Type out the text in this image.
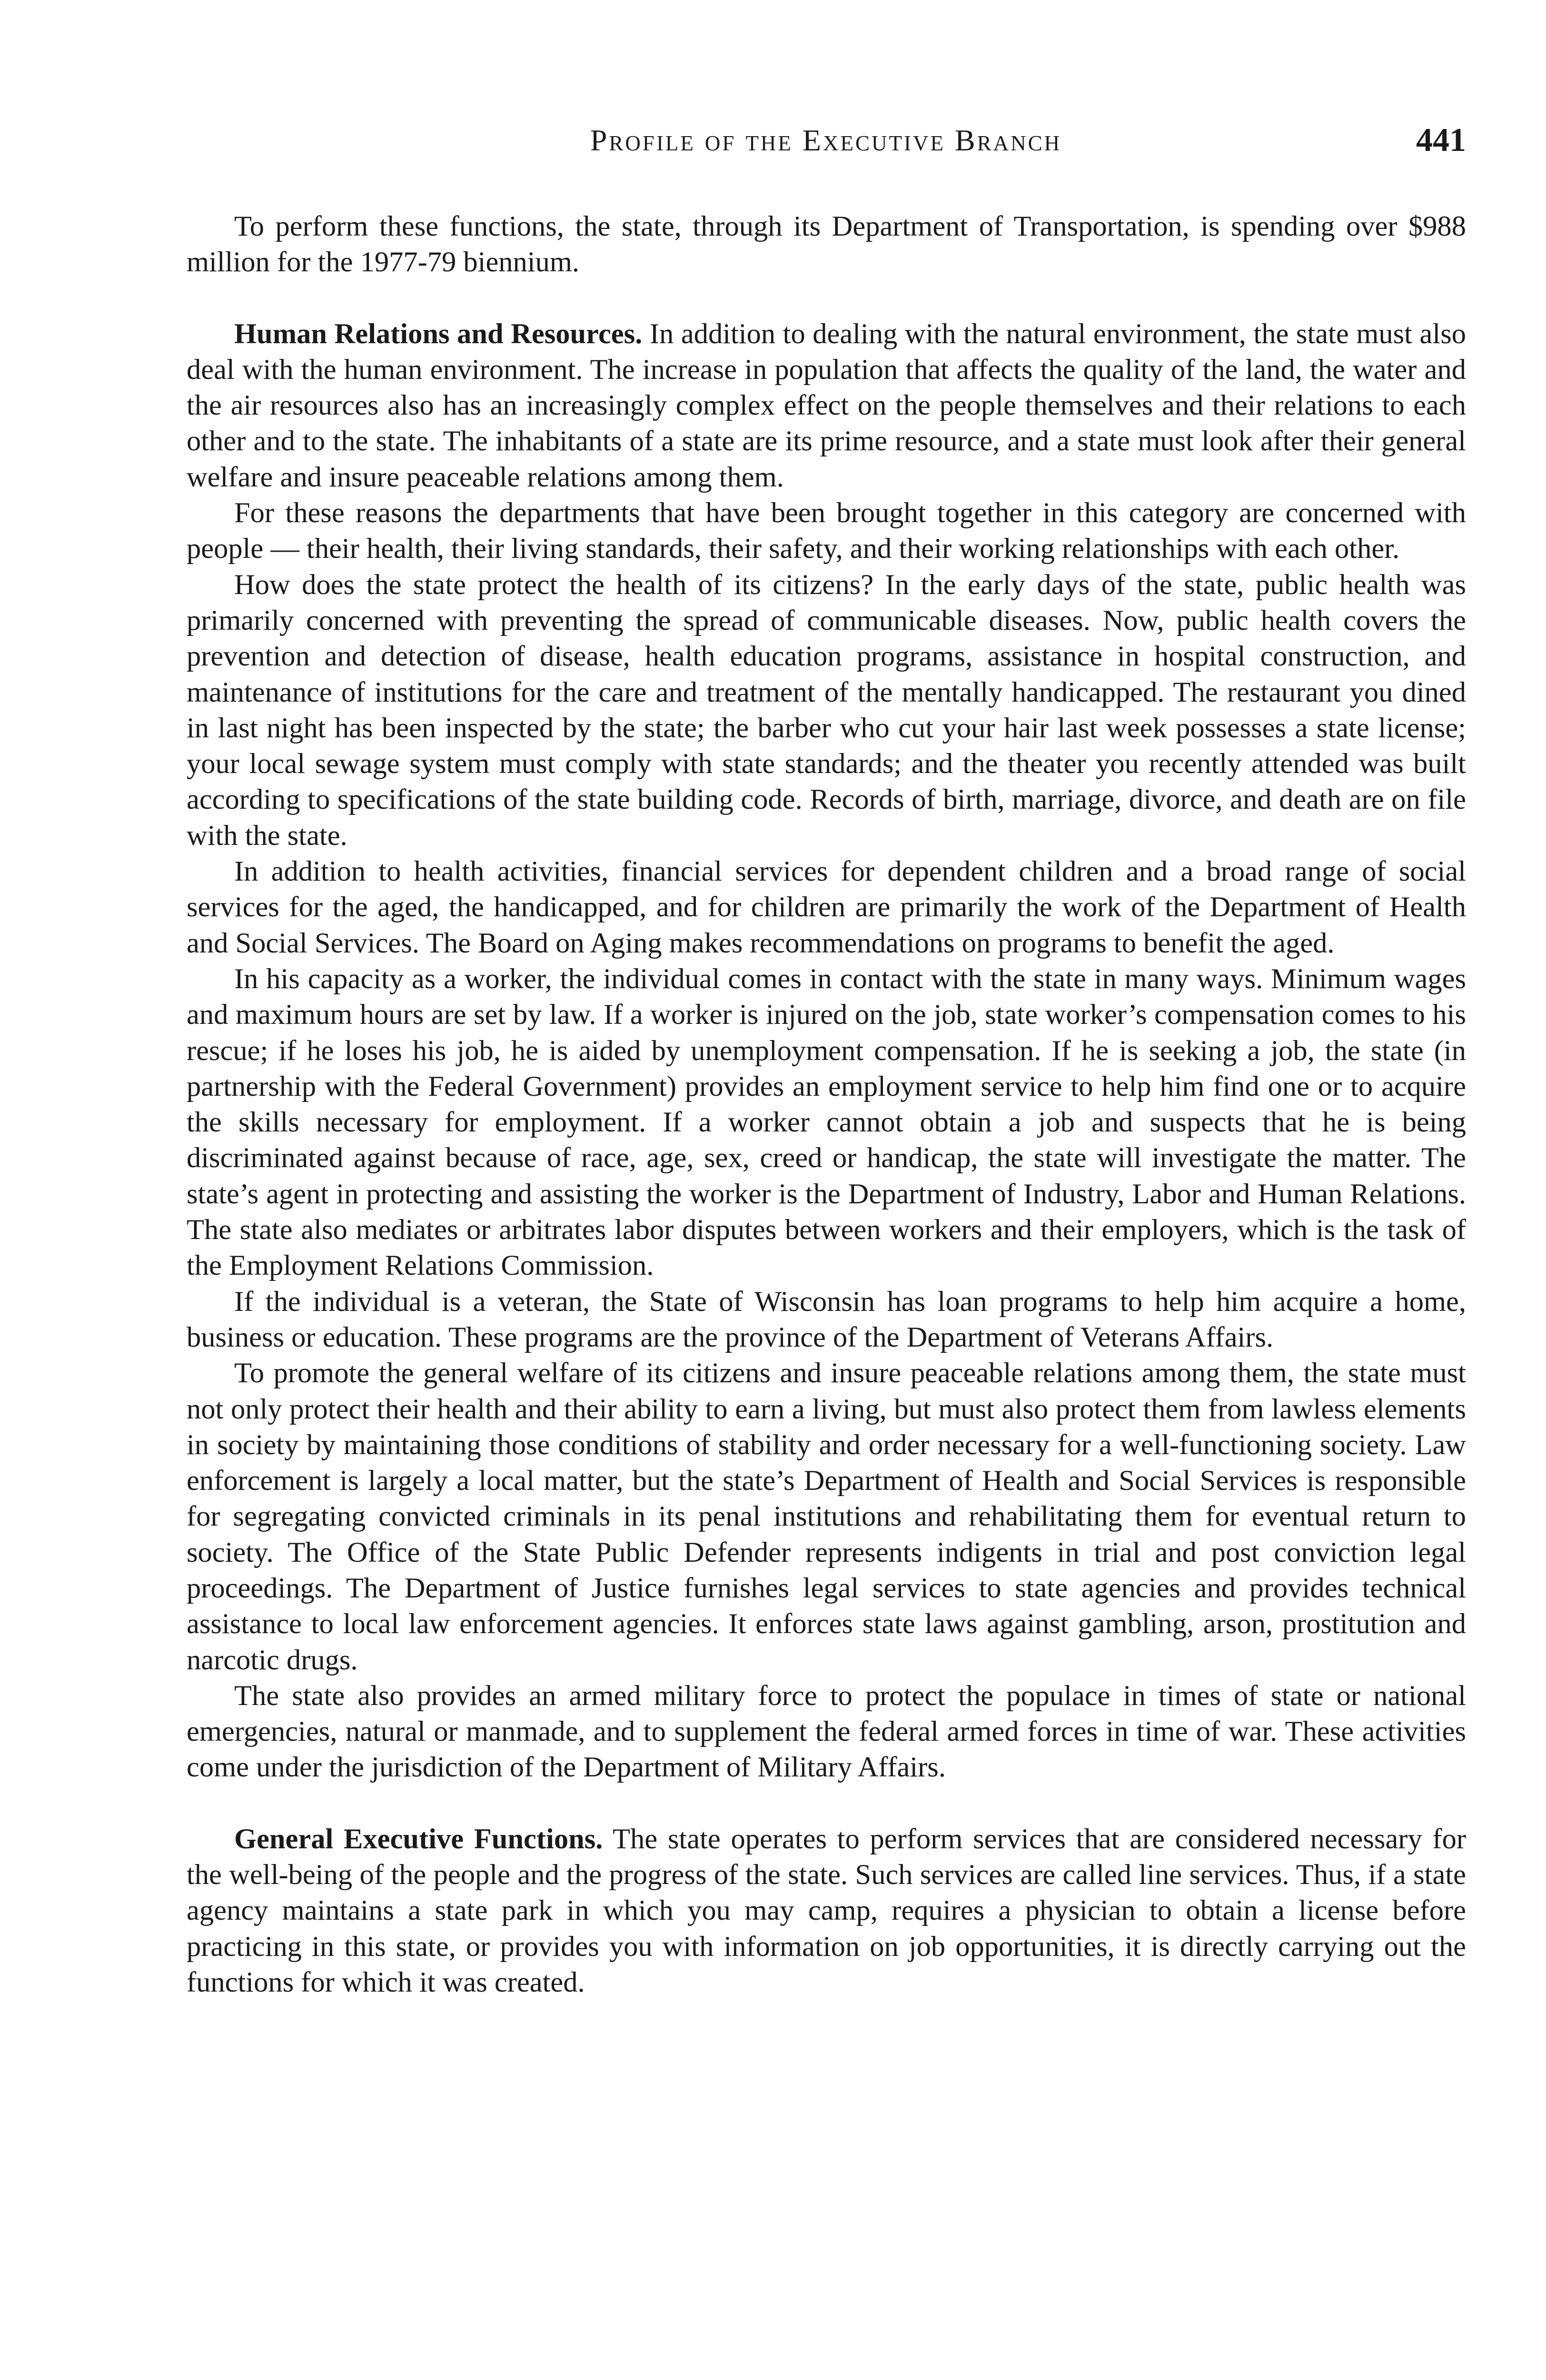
Profile of the Executive Branch	441

To perform these functions, the state, through its Department of Transportation, is spending over $988 million for the 1977-79 biennium.

Human Relations and Resources. In addition to dealing with the natural environment, the state must also deal with the human environment. The increase in population that affects the quality of the land, the water and the air resources also has an increasingly complex effect on the people themselves and their relations to each other and to the state. The inhabitants of a state are its prime resource, and a state must look after their general welfare and insure peaceable relations among them.

For these reasons the departments that have been brought together in this category are concerned with people — their health, their living standards, their safety, and their working relationships with each other.

How does the state protect the health of its citizens? In the early days of the state, public health was primarily concerned with preventing the spread of communicable diseases. Now, public health covers the prevention and detection of disease, health education programs, assistance in hospital construction, and maintenance of institutions for the care and treatment of the mentally handicapped. The restaurant you dined in last night has been inspected by the state; the barber who cut your hair last week possesses a state license; your local sewage system must comply with state standards; and the theater you recently attended was built according to specifications of the state building code. Records of birth, marriage, divorce, and death are on file with the state.

In addition to health activities, financial services for dependent children and a broad range of social services for the aged, the handicapped, and for children are primarily the work of the Department of Health and Social Services. The Board on Aging makes recommendations on programs to benefit the aged.

In his capacity as a worker, the individual comes in contact with the state in many ways. Minimum wages and maximum hours are set by law. If a worker is injured on the job, state worker’s compensation comes to his rescue; if he loses his job, he is aided by unemployment compensation. If he is seeking a job, the state (in partnership with the Federal Government) provides an employment service to help him find one or to acquire the skills necessary for employment. If a worker cannot obtain a job and suspects that he is being discriminated against because of race, age, sex, creed or handicap, the state will investigate the matter. The state’s agent in protecting and assisting the worker is the Department of Industry, Labor and Human Relations. The state also mediates or arbitrates labor disputes between workers and their employers, which is the task of the Employment Relations Commission.

If the individual is a veteran, the State of Wisconsin has loan programs to help him acquire a home, business or education. These programs are the province of the Department of Veterans Affairs.

To promote the general welfare of its citizens and insure peaceable relations among them, the state must not only protect their health and their ability to earn a living, but must also protect them from lawless elements in society by maintaining those conditions of stability and order necessary for a well-functioning society. Law enforcement is largely a local matter, but the state’s Department of Health and Social Services is responsible for segregating convicted criminals in its penal institutions and rehabilitating them for eventual return to society. The Office of the State Public Defender represents indigents in trial and post conviction legal proceedings. The Department of Justice furnishes legal services to state agencies and provides technical assistance to local law enforcement agencies. It enforces state laws against gambling, arson, prostitution and narcotic drugs.

The state also provides an armed military force to protect the populace in times of state or national emergencies, natural or manmade, and to supplement the federal armed forces in time of war. These activities come under the jurisdiction of the Department of Military Affairs.

General Executive Functions. The state operates to perform services that are considered necessary for the well-being of the people and the progress of the state. Such services are called line services. Thus, if a state agency maintains a state park in which you may camp, requires a physician to obtain a license before practicing in this state, or provides you with information on job opportunities, it is directly carrying out the functions for which it was created.
